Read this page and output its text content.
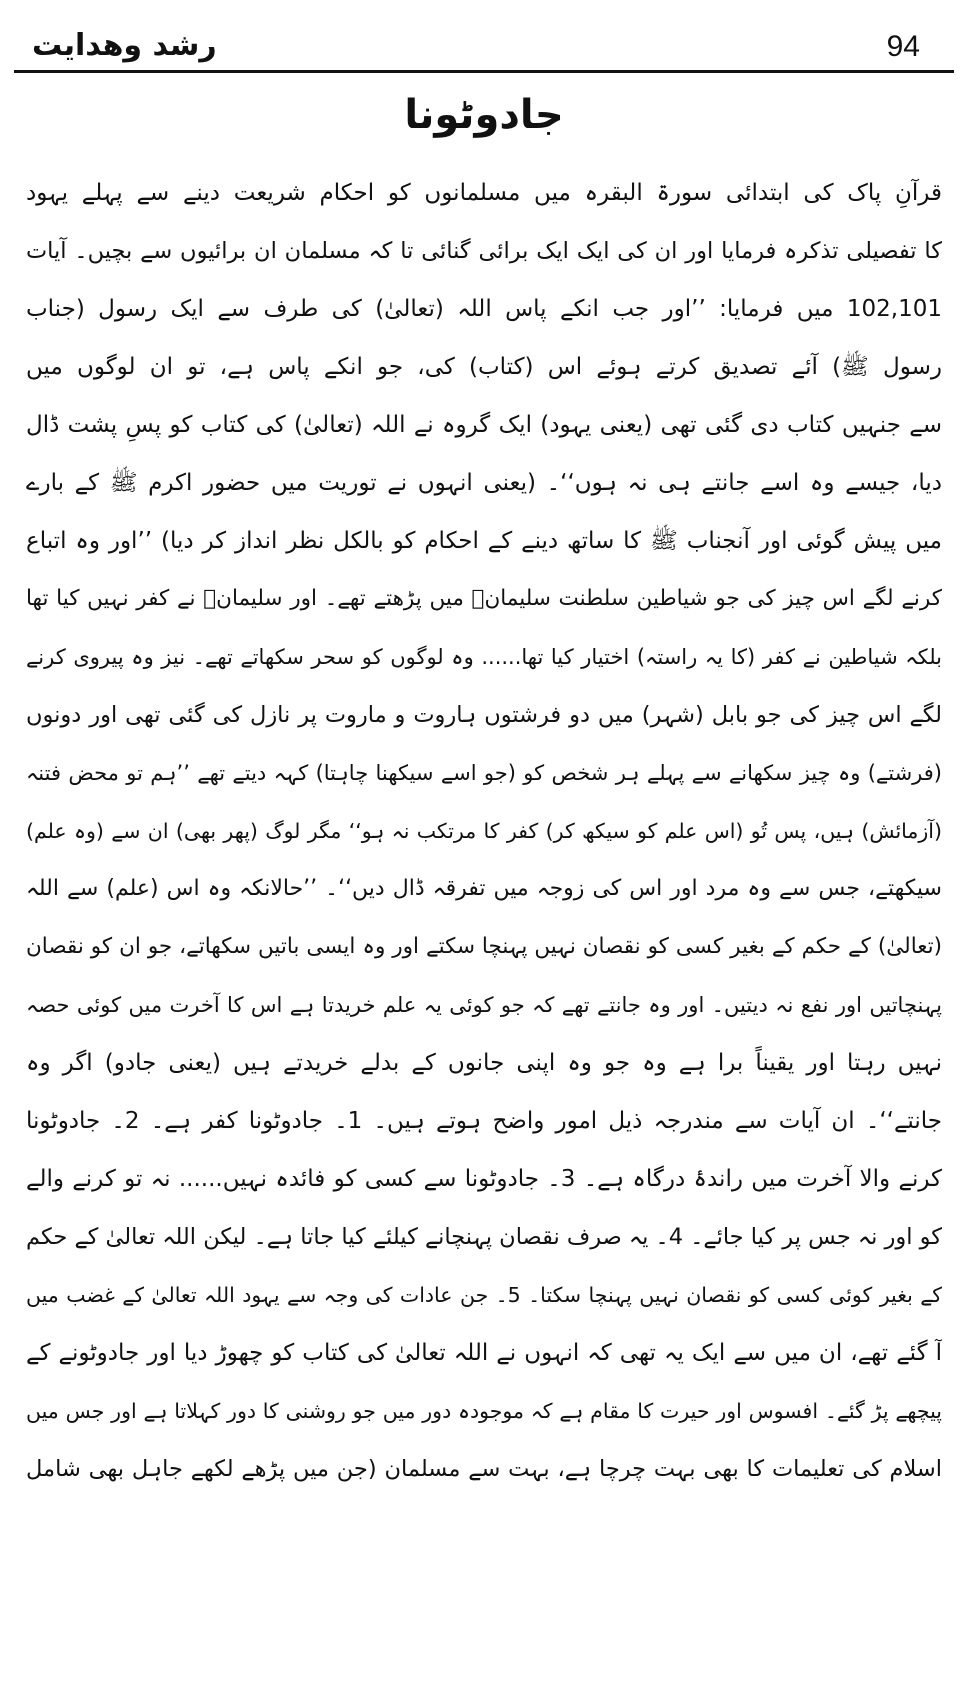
رشد وھدایت	94
جادوٹونا
قرآنِ پاک کی ابتدائی سورۃ البقرہ میں مسلمانوں کو احکام شریعت دینے سے پہلے یہود
کا تفصیلی تذکرہ فرمایا اور ان کی ایک ایک برائی گنائی تا کہ مسلمان ان برائیوں سے بچیں۔ آیات
102,101 میں فرمایا: ’’اور جب انکے پاس اللہ (تعالیٰ) کی طرف سے ایک رسول (جناب
رسول ﷺ) آئے تصدیق کرتے ہوئے اس (کتاب) کی، جو انکے پاس ہے، تو ان لوگوں میں
سے جنہیں کتاب دی گئی تھی (یعنی یہود) ایک گروہ نے اللہ (تعالیٰ) کی کتاب کو پسِ پشت ڈال
دیا، جیسے وہ اسے جانتے ہی نہ ہوں‘‘۔ (یعنی انہوں نے توریت میں حضور اکرم ﷺ کے بارے
میں پیش گوئی اور آنجناب ﷺ کا ساتھ دینے کے احکام کو بالکل نظر انداز کر دیا) ’’اور وہ اتباع
کرنے لگے اس چیز کی جو شیاطین سلطنت سلیمانؑ میں پڑھتے تھے۔ اور سلیمانؑ نے کفر نہیں کیا تھا
بلکہ شیاطین نے کفر (کا یہ راستہ) اختیار کیا تھا...... وہ لوگوں کو سحر سکھاتے تھے۔ نیز وہ پیروی کرنے
لگے اس چیز کی جو بابل (شہر) میں دو فرشتوں ہاروت و ماروت پر نازل کی گئی تھی اور دونوں
(فرشتے) وہ چیز سکھانے سے پہلے ہر شخص کو (جو اسے سیکھنا چاہتا) کہہ دیتے تھے ’’ہم تو محض فتنہ
(آزمائش) ہیں، پس تُو (اس علم کو سیکھ کر) کفر کا مرتکب نہ ہو‘‘ مگر لوگ (پھر بھی) ان سے (وہ علم)
سیکھتے، جس سے وہ مرد اور اس کی زوجہ میں تفرقہ ڈال دیں‘‘۔ ’’حالانکہ وہ اس (علم) سے اللہ
(تعالیٰ) کے حکم کے بغیر کسی کو نقصان نہیں پہنچا سکتے اور وہ ایسی باتیں سکھاتے، جو ان کو نقصان
پہنچاتیں اور نفع نہ دیتیں۔ اور وہ جانتے تھے کہ جو کوئی یہ علم خریدتا ہے اس کا آخرت میں کوئی حصہ
نہیں رہتا اور یقیناً برا ہے وہ جو وہ اپنی جانوں کے بدلے خریدتے ہیں (یعنی جادو) اگر وہ
جانتے‘‘۔ ان آیات سے مندرجہ ذیل امور واضح ہوتے ہیں۔ 1۔ جادوٹونا کفر ہے۔ 2۔ جادوٹونا
کرنے والا آخرت میں راندۂ درگاہ ہے۔ 3۔ جادوٹونا سے کسی کو فائدہ نہیں...... نہ تو کرنے والے
کو اور نہ جس پر کیا جائے۔ 4۔ یہ صرف نقصان پہنچانے کیلئے کیا جاتا ہے۔ لیکن اللہ تعالیٰ کے حکم
کے بغیر کوئی کسی کو نقصان نہیں پہنچا سکتا۔ 5۔ جن عادات کی وجہ سے یہود اللہ تعالیٰ کے غضب میں
آ گئے تھے، ان میں سے ایک یہ تھی کہ انہوں نے اللہ تعالیٰ کی کتاب کو چھوڑ دیا اور جادوٹونے کے
پیچھے پڑ گئے۔ افسوس اور حیرت کا مقام ہے کہ موجودہ دور میں جو روشنی کا دور کہلاتا ہے اور جس میں
اسلام کی تعلیمات کا بھی بہت چرچا ہے، بہت سے مسلمان (جن میں پڑھے لکھے جاہل بھی شامل
